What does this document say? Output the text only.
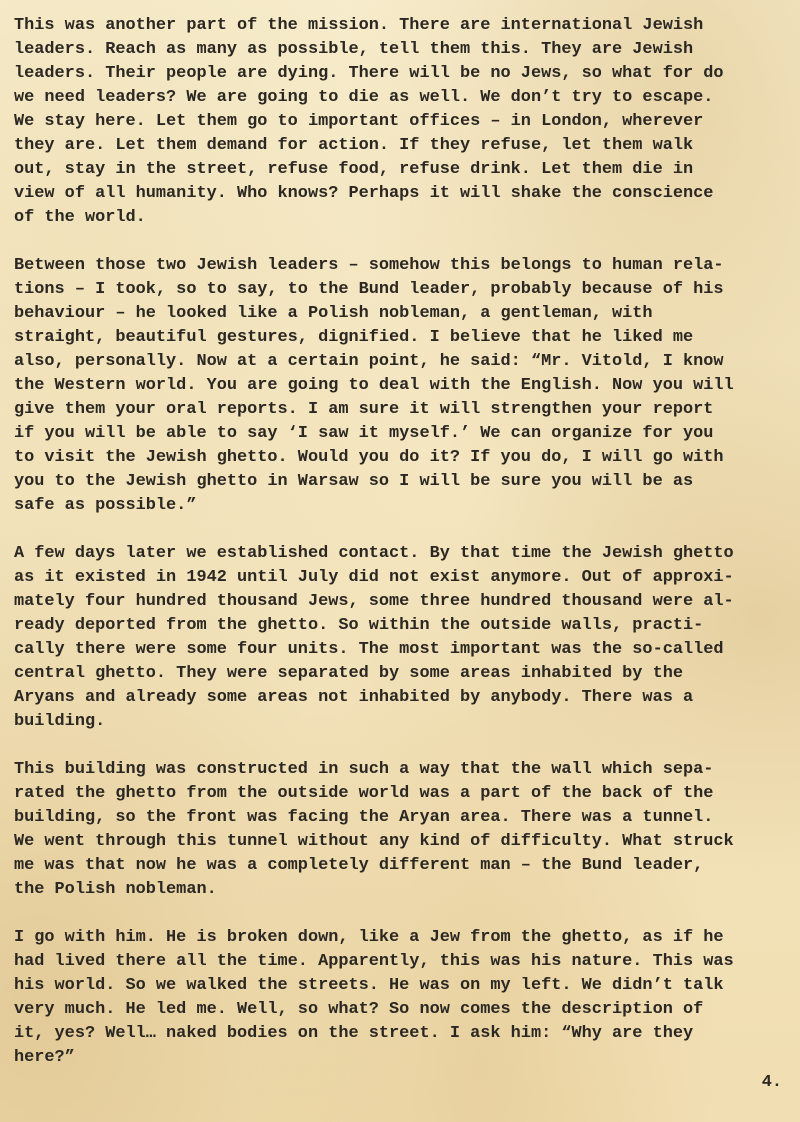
This was another part of the mission. There are international Jewish
leaders. Reach as many as possible, tell them this. They are Jewish
leaders. Their people are dying. There will be no Jews, so what for do
we need leaders? We are going to die as well. We don’t try to escape.
We stay here. Let them go to important offices – in London, wherever
they are. Let them demand for action. If they refuse, let them walk
out, stay in the street, refuse food, refuse drink. Let them die in
view of all humanity. Who knows? Perhaps it will shake the conscience
of the world.

Between those two Jewish leaders – somehow this belongs to human rela-
tions – I took, so to say, to the Bund leader, probably because of his
behaviour – he looked like a Polish nobleman, a gentleman, with
straight, beautiful gestures, dignified. I believe that he liked me
also, personally. Now at a certain point, he said: “Mr. Vitold, I know
the Western world. You are going to deal with the English. Now you will
give them your oral reports. I am sure it will strengthen your report
if you will be able to say ‘I saw it myself.’ We can organize for you
to visit the Jewish ghetto. Would you do it? If you do, I will go with
you to the Jewish ghetto in Warsaw so I will be sure you will be as
safe as possible.”

A few days later we established contact. By that time the Jewish ghetto
as it existed in 1942 until July did not exist anymore. Out of approxi-
mately four hundred thousand Jews, some three hundred thousand were al-
ready deported from the ghetto. So within the outside walls, practi-
cally there were some four units. The most important was the so-called
central ghetto. They were separated by some areas inhabited by the
Aryans and already some areas not inhabited by anybody. There was a
building.

This building was constructed in such a way that the wall which sepa-
rated the ghetto from the outside world was a part of the back of the
building, so the front was facing the Aryan area. There was a tunnel.
We went through this tunnel without any kind of difficulty. What struck
me was that now he was a completely different man – the Bund leader,
the Polish nobleman.

I go with him. He is broken down, like a Jew from the ghetto, as if he
had lived there all the time. Apparently, this was his nature. This was
his world. So we walked the streets. He was on my left. We didn’t talk
very much. He led me. Well, so what? So now comes the description of
it, yes? Well… naked bodies on the street. I ask him: “Why are they
here?”

4.
